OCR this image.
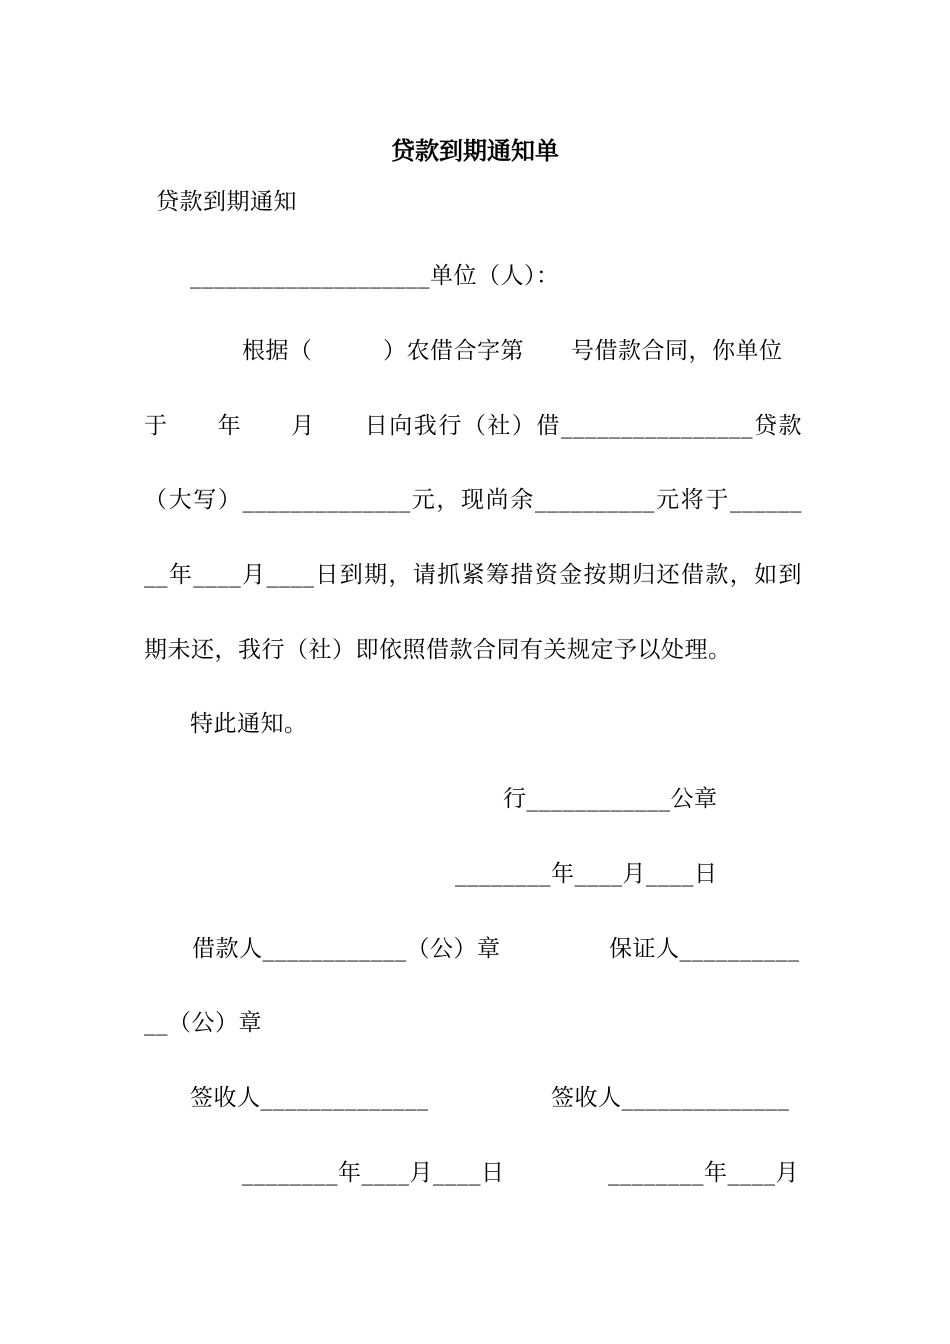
贷款到期通知单
贷款到期通知
____________________单位（人）：
根据（　　　）农借合字第　　号借款合同，你单位
于　　年　　月　　日向我行（社）借________________贷款
（大写）______________元，现尚余__________元将于______
__年____月____日到期，请抓紧筹措资金按期归还借款，如到
期未还，我行（社）即依照借款合同有关规定予以处理。
特此通知。
行____________公章
________年____月____日
借款人____________（公）章	保证人__________
__（公）章
签收人______________	签收人______________
________年____月____日	________年____月
